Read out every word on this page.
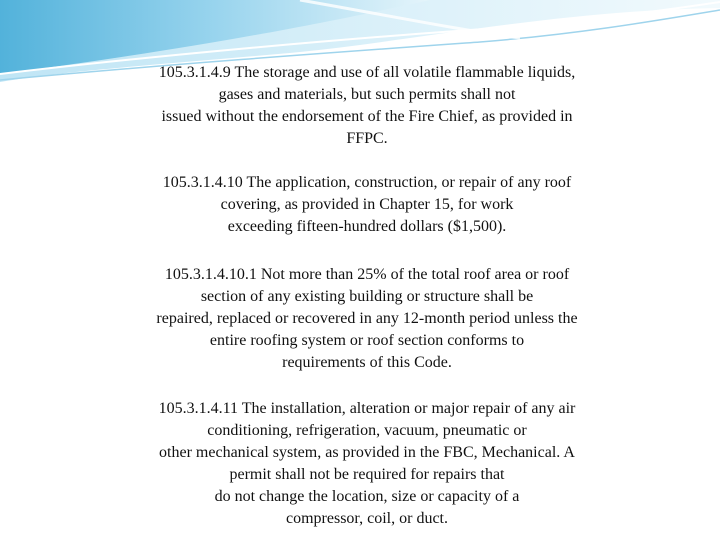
105.3.1.4.9 The storage and use of all volatile flammable liquids,
gases and materials, but such permits shall not
issued without the endorsement of the Fire Chief, as provided in
FFPC.

105.3.1.4.10 The application, construction, or repair of any roof
covering, as provided in Chapter 15, for work
exceeding fifteen-hundred dollars ($1,500).

105.3.1.4.10.1 Not more than 25% of the total roof area or roof
section of any existing building or structure shall be
repaired, replaced or recovered in any 12-month period unless the
entire roofing system or roof section conforms to
requirements of this Code.

105.3.1.4.11 The installation, alteration or major repair of any air
conditioning, refrigeration, vacuum, pneumatic or
other mechanical system, as provided in the FBC, Mechanical. A
permit shall not be required for repairs that
do not change the location, size or capacity of a
compressor, coil, or duct.
